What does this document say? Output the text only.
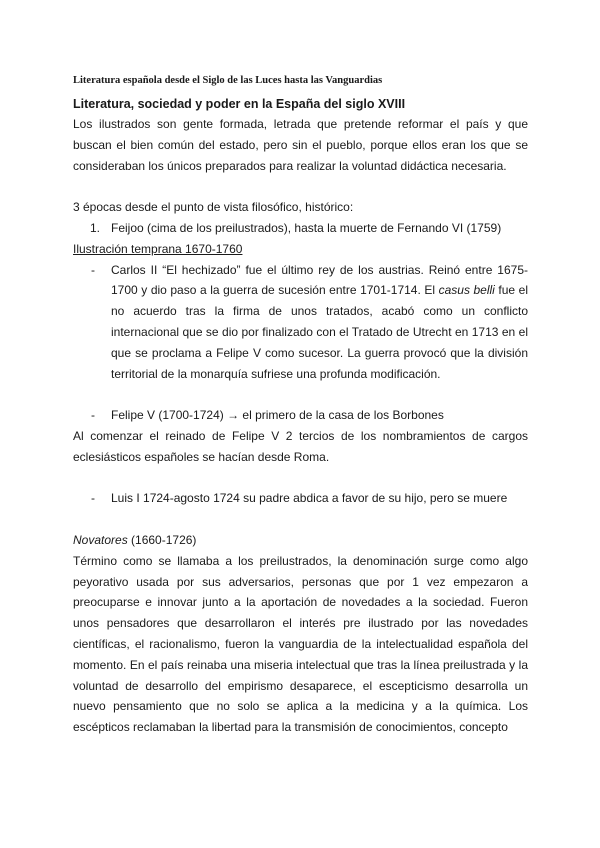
Literatura española desde el Siglo de las Luces hasta las Vanguardias
Literatura, sociedad y poder en la España del siglo XVIII

Los ilustrados son gente formada, letrada que pretende reformar el país y que buscan el bien común del estado, pero sin el pueblo, porque ellos eran los que se consideraban los únicos preparados para realizar la voluntad didáctica necesaria.

3 épocas desde el punto de vista filosófico, histórico:

1. Feijoo (cima de los preilustrados), hasta la muerte de Fernando VI (1759)
Ilustración temprana 1670-1760
- Carlos II “El hechizado” fue el último rey de los austrias. Reinó entre 1675-1700 y dio paso a la guerra de sucesión entre 1701-1714. El casus belli fue el no acuerdo tras la firma de unos tratados, acabó como un conflicto internacional que se dio por finalizado con el Tratado de Utrecht en 1713 en el que se proclama a Felipe V como sucesor. La guerra provocó que la división territorial de la monarquía sufriese una profunda modificación.
- Felipe V (1700-1724) → el primero de la casa de los Borbones

Al comenzar el reinado de Felipe V 2 tercios de los nombramientos de cargos eclesiásticos españoles se hacían desde Roma.

- Luis I 1724-agosto 1724 su padre abdica a favor de su hijo, pero se muere
Novatores (1660-1726)

Término como se llamaba a los preilustrados, la denominación surge como algo peyorativo usada por sus adversarios, personas que por 1 vez empezaron a preocuparse e innovar junto a la aportación de novedades a la sociedad. Fueron unos pensadores que desarrollaron el interés pre ilustrado por las novedades científicas, el racionalismo, fueron la vanguardia de la intelectualidad española del momento. En el país reinaba una miseria intelectual que tras la línea preilustrada y la voluntad de desarrollo del empirismo desaparece, el escepticismo desarrolla un nuevo pensamiento que no solo se aplica a la medicina y a la química. Los escépticos reclamaban la libertad para la transmisión de conocimientos, concepto
